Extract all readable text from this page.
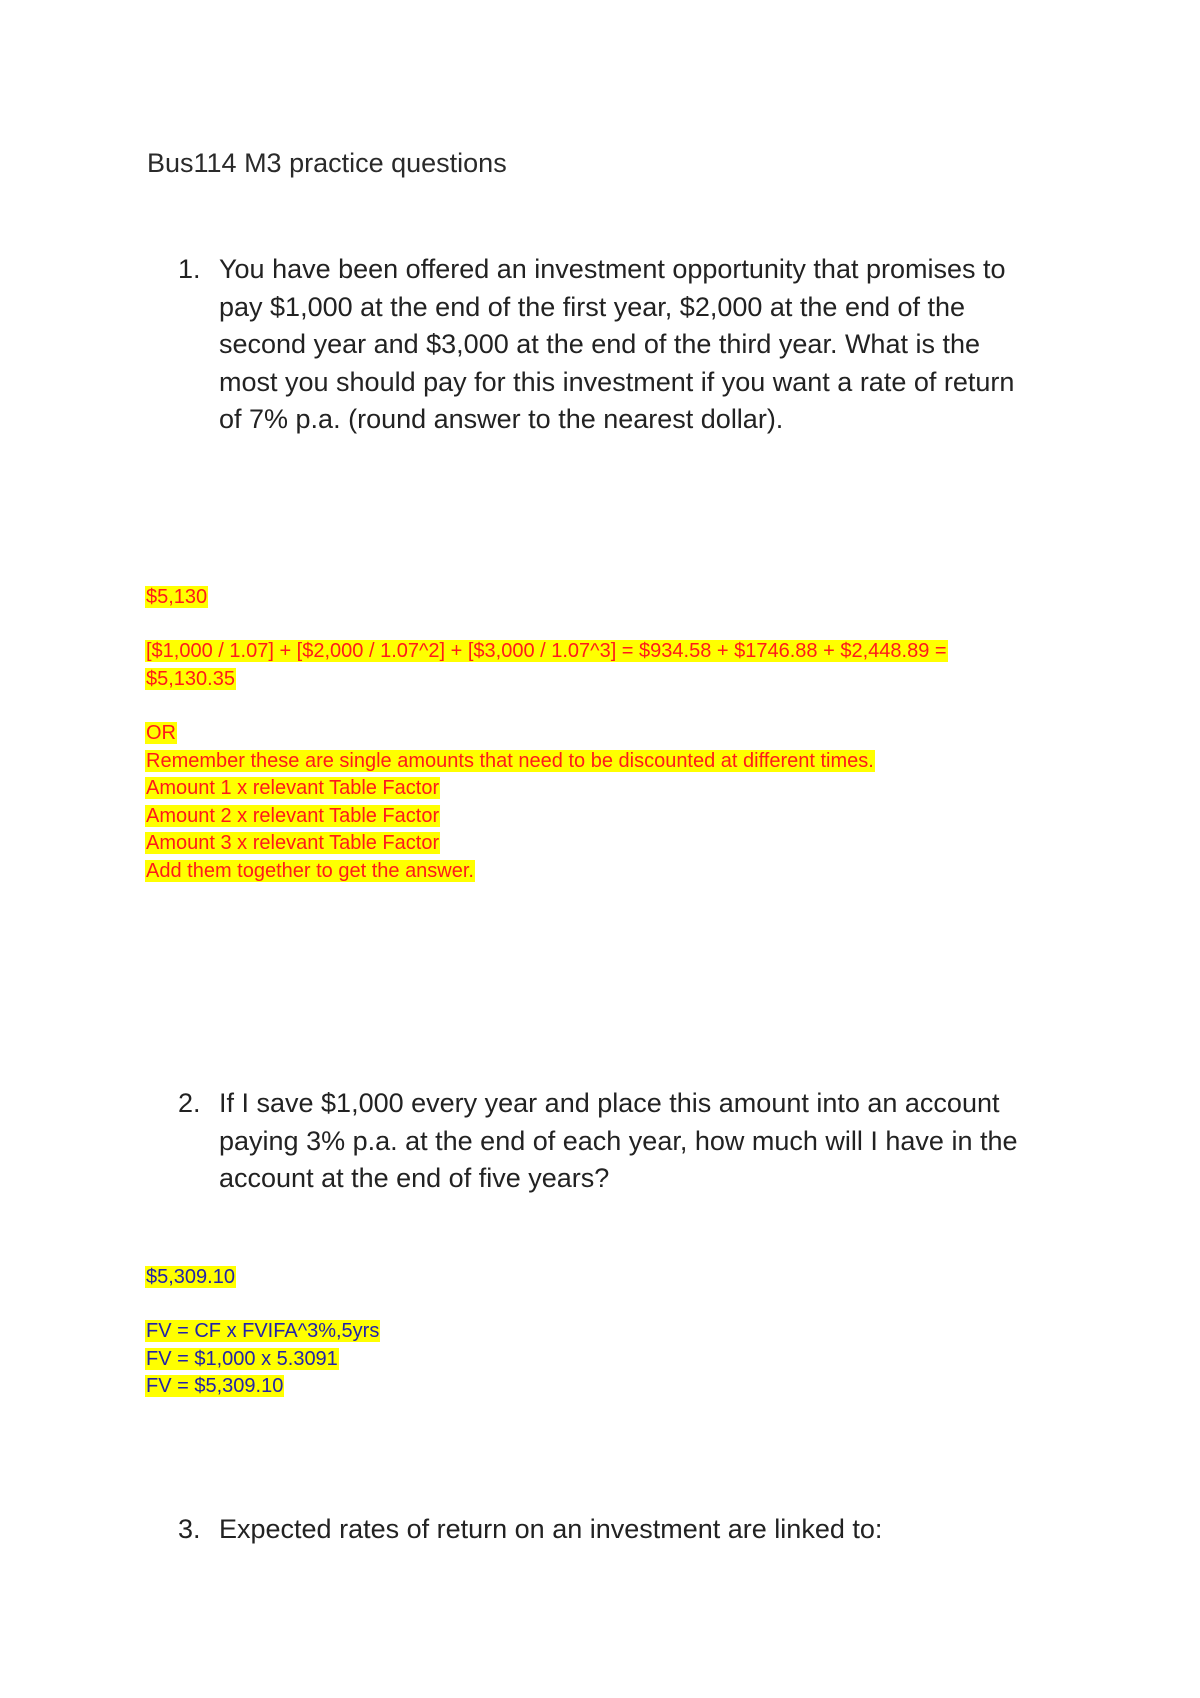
Bus114 M3 practice questions
1. You have been offered an investment opportunity that promises to pay $1,000 at the end of the first year, $2,000 at the end of the second year and $3,000 at the end of the third year. What is the most you should pay for this investment if you want a rate of return of 7% p.a. (round answer to the nearest dollar).
$5,130
[$1,000 / 1.07] + [$2,000 / 1.07^2] + [$3,000 / 1.07^3] = $934.58 + $1746.88 + $2,448.89 =
$5,130.35
OR
Remember these are single amounts that need to be discounted at different times.
Amount 1 x relevant Table Factor
Amount 2 x relevant Table Factor
Amount 3 x relevant Table Factor
Add them together to get the answer.
2. If I save $1,000 every year and place this amount into an account paying 3% p.a. at the end of each year, how much will I have in the account at the end of five years?
$5,309.10
FV = CF x FVIFA^3%,5yrs
FV = $1,000 x 5.3091
FV = $5,309.10
3. Expected rates of return on an investment are linked to:
